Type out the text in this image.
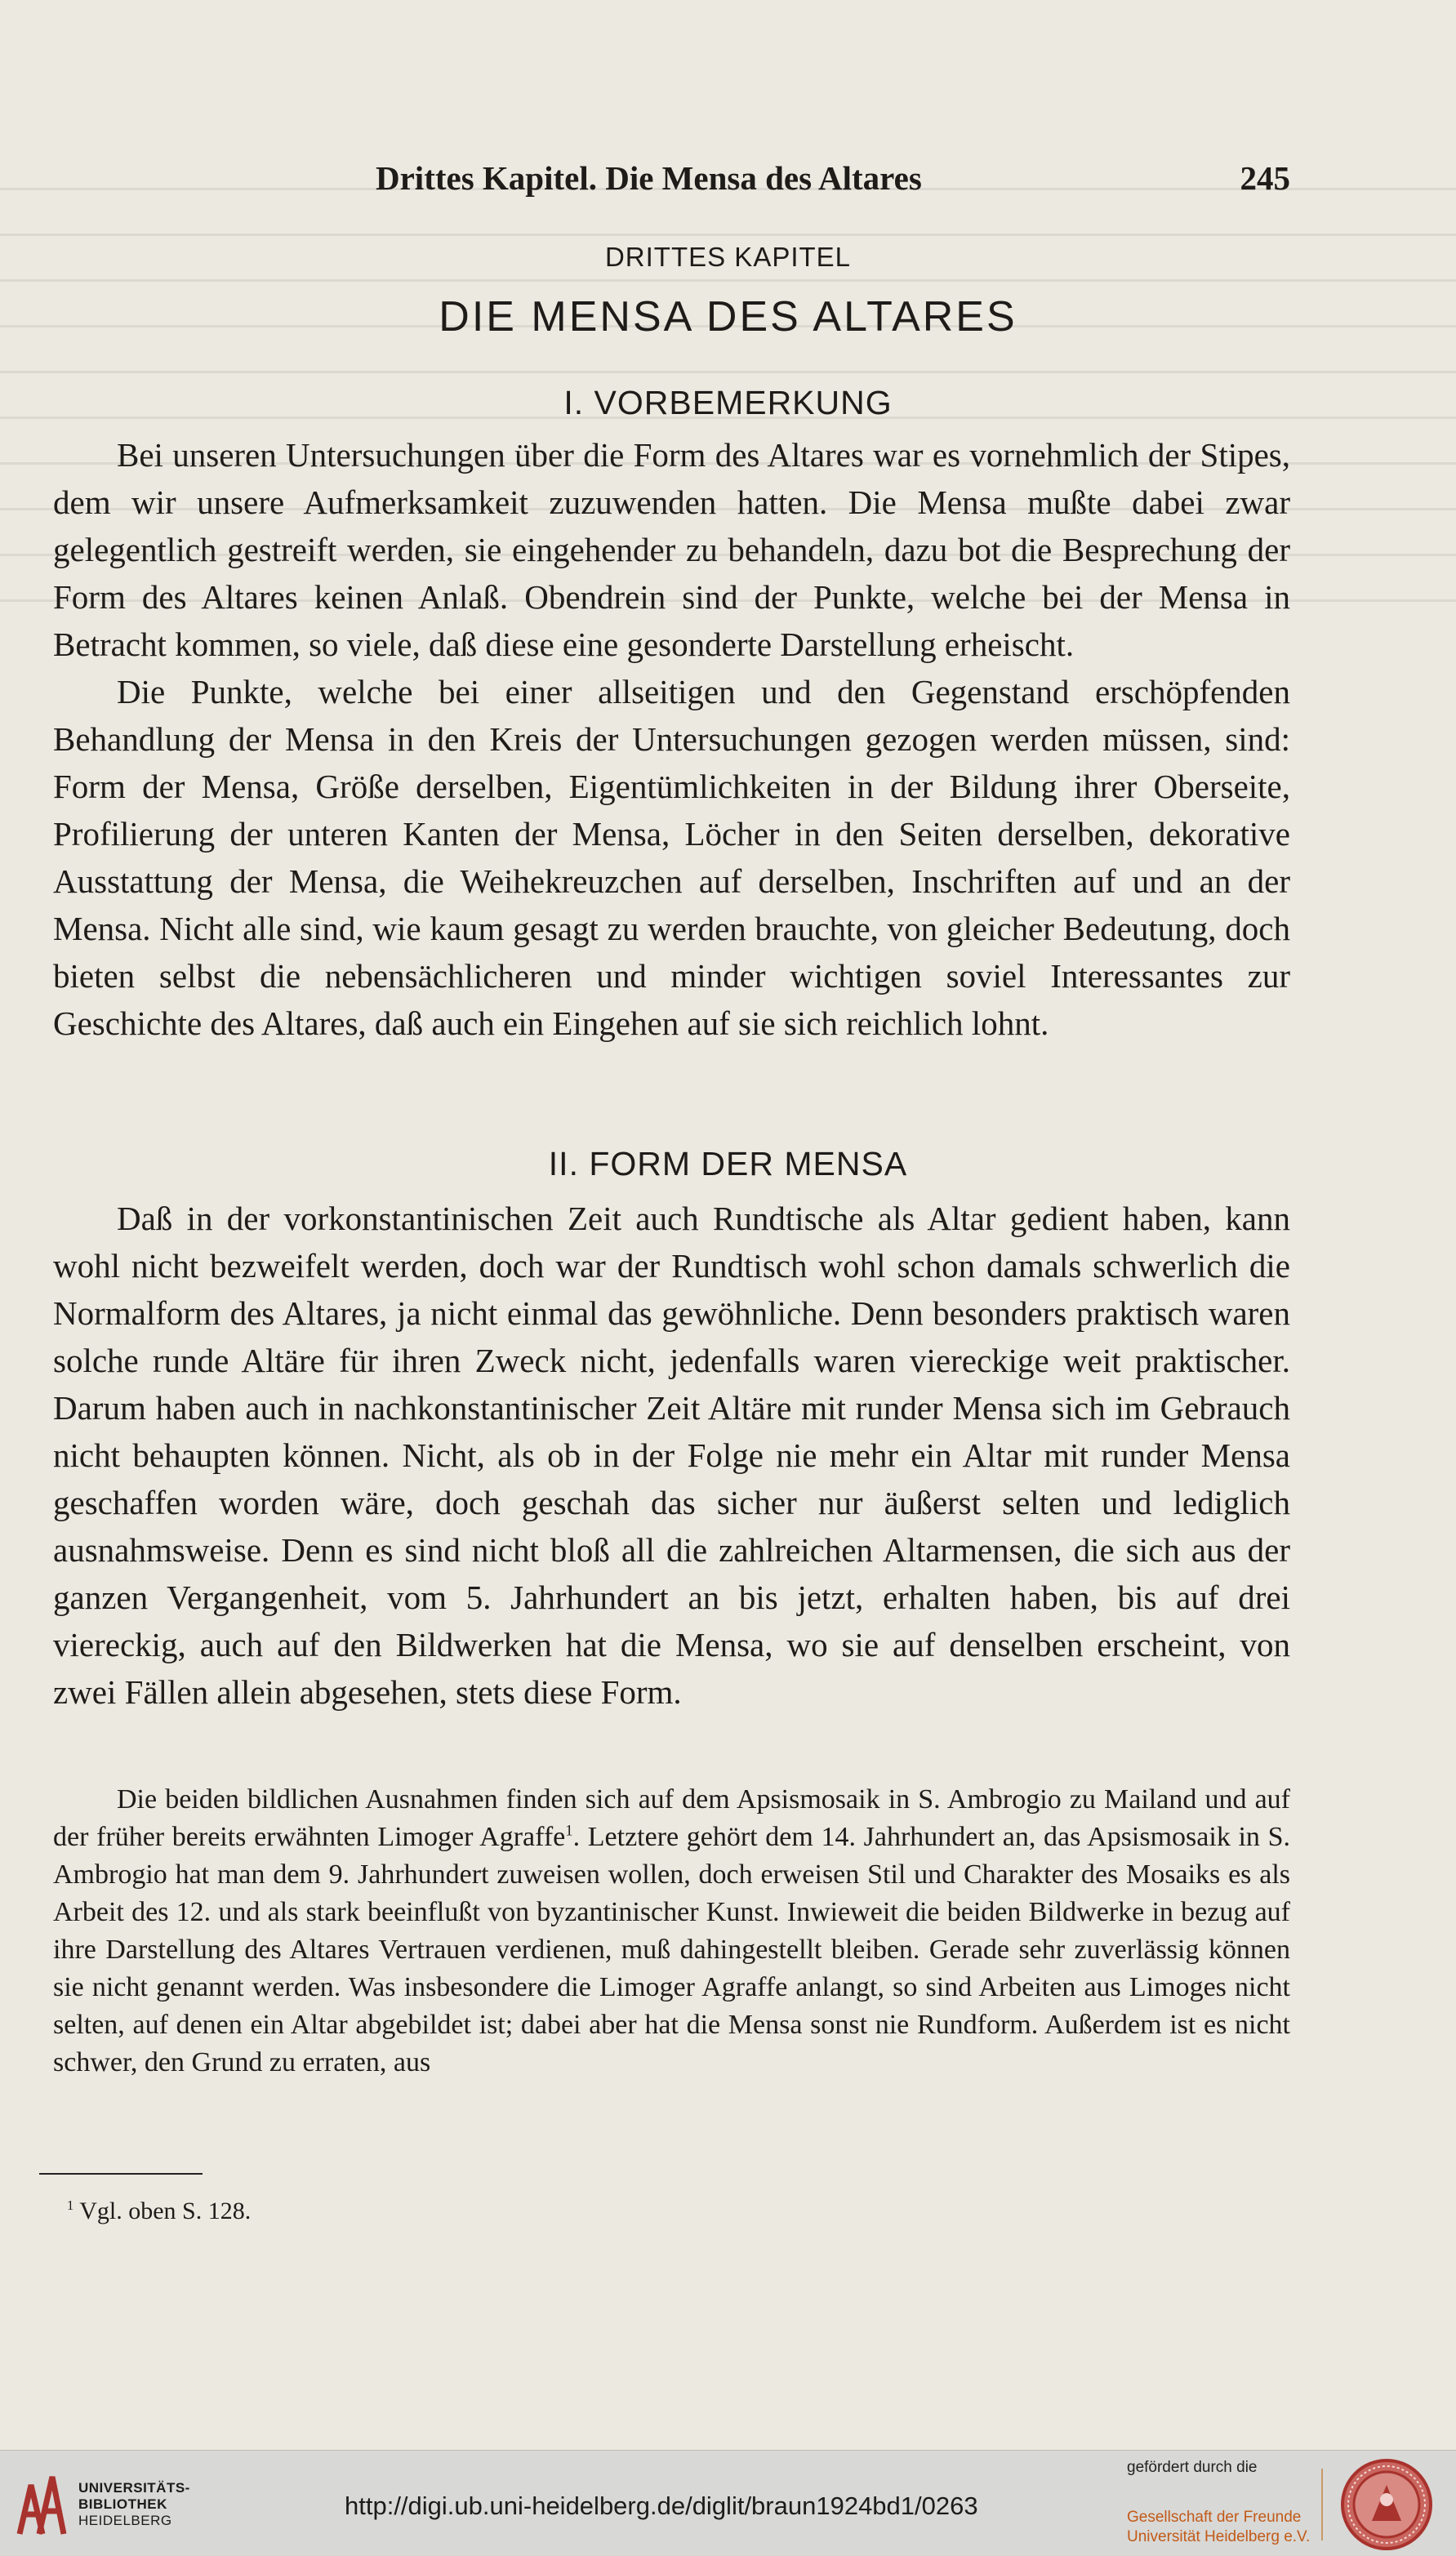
Drittes Kapitel. Die Mensa des Altares	245
DRITTES KAPITEL
DIE MENSA DES ALTARES
I. VORBEMERKUNG

Bei unseren Untersuchungen über die Form des Altares war es vornehmlich der Stipes, dem wir unsere Aufmerksamkeit zuzuwenden hatten. Die Mensa mußte dabei zwar gelegentlich gestreift werden, sie eingehender zu behandeln, dazu bot die Besprechung der Form des Altares keinen Anlaß. Obendrein sind der Punkte, welche bei der Mensa in Betracht kommen, so viele, daß diese eine gesonderte Darstellung erheischt.

Die Punkte, welche bei einer allseitigen und den Gegenstand erschöpfenden Behandlung der Mensa in den Kreis der Untersuchungen gezogen werden müssen, sind: Form der Mensa, Größe derselben, Eigentümlichkeiten in der Bildung ihrer Oberseite, Profilierung der unteren Kanten der Mensa, Löcher in den Seiten derselben, dekorative Ausstattung der Mensa, die Weihekreuzchen auf derselben, Inschriften auf und an der Mensa. Nicht alle sind, wie kaum gesagt zu werden brauchte, von gleicher Bedeutung, doch bieten selbst die nebensächlicheren und minder wichtigen soviel Interessantes zur Geschichte des Altares, daß auch ein Eingehen auf sie sich reichlich lohnt.

II. FORM DER MENSA

Daß in der vorkonstantinischen Zeit auch Rundtische als Altar gedient haben, kann wohl nicht bezweifelt werden, doch war der Rundtisch wohl schon damals schwerlich die Normalform des Altares, ja nicht einmal das gewöhnliche. Denn besonders praktisch waren solche runde Altäre für ihren Zweck nicht, jedenfalls waren viereckige weit praktischer. Darum haben auch in nachkonstantinischer Zeit Altäre mit runder Mensa sich im Gebrauch nicht behaupten können. Nicht, als ob in der Folge nie mehr ein Altar mit runder Mensa geschaffen worden wäre, doch geschah das sicher nur äußerst selten und lediglich ausnahmsweise. Denn es sind nicht bloß all die zahlreichen Altarmensen, die sich aus der ganzen Vergangenheit, vom 5. Jahrhundert an bis jetzt, erhalten haben, bis auf drei viereckig, auch auf den Bildwerken hat die Mensa, wo sie auf denselben erscheint, von zwei Fällen allein abgesehen, stets diese Form.

Die beiden bildlichen Ausnahmen finden sich auf dem Apsismosaik in S. Ambrogio zu Mailand und auf der früher bereits erwähnten Limoger Agraffe$^1$. Letztere gehört dem 14. Jahrhundert an, das Apsismosaik in S. Ambrogio hat man dem 9. Jahrhundert zuweisen wollen, doch erweisen Stil und Charakter des Mosaiks es als Arbeit des 12. und als stark beeinflußt von byzantinischer Kunst. Inwieweit die beiden Bildwerke in bezug auf ihre Darstellung des Altares Vertrauen verdienen, muß dahingestellt bleiben. Gerade sehr zuverlässig können sie nicht genannt werden. Was insbesondere die Limoger Agraffe anlangt, so sind Arbeiten aus Limoges nicht selten, auf denen ein Altar abgebildet ist; dabei aber hat die Mensa sonst nie Rundform. Außerdem ist es nicht schwer, den Grund zu erraten, aus

$^1$ Vgl. oben S. 128.
UNIVERSITÄTS-
BIBLIOTHEK
HEIDELBERG
http://digi.ub.uni-heidelberg.de/diglit/braun1924bd1/0263
gefördert durch die
Gesellschaft der Freunde
Universität Heidelberg e.V.
